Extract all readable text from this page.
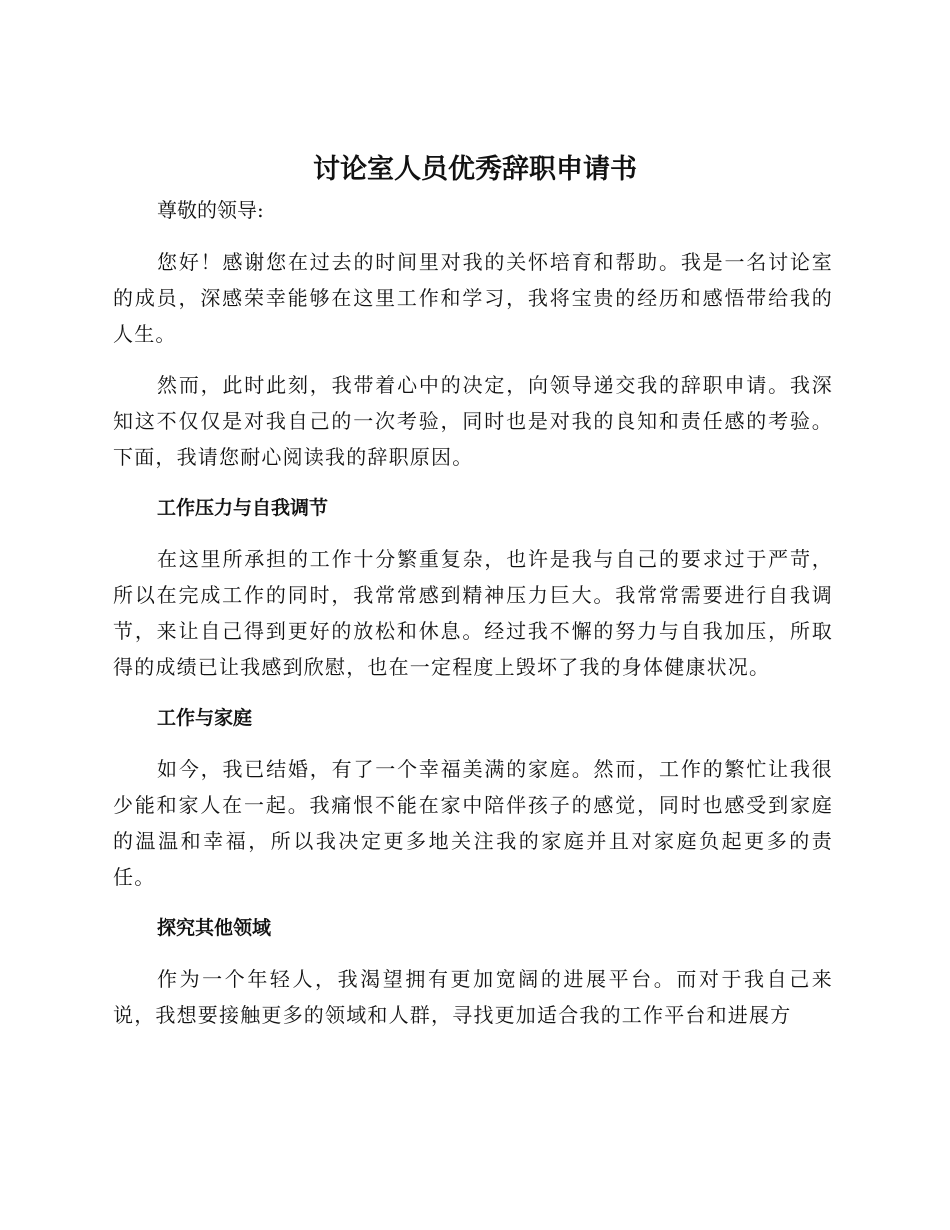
讨论室人员优秀辞职申请书

尊敬的领导:

您好！感谢您在过去的时间里对我的关怀培育和帮助。我是一名讨论室的成员，深感荣幸能够在这里工作和学习，我将宝贵的经历和感悟带给我的人生。

然而，此时此刻，我带着心中的决定，向领导递交我的辞职申请。我深知这不仅仅是对我自己的一次考验，同时也是对我的良知和责任感的考验。下面，我请您耐心阅读我的辞职原因。

工作压力与自我调节

在这里所承担的工作十分繁重复杂，也许是我与自己的要求过于严苛，所以在完成工作的同时，我常常感到精神压力巨大。我常常需要进行自我调节，来让自己得到更好的放松和休息。经过我不懈的努力与自我加压，所取得的成绩已让我感到欣慰，也在一定程度上毁坏了我的身体健康状况。

工作与家庭

如今，我已结婚，有了一个幸福美满的家庭。然而，工作的繁忙让我很少能和家人在一起。我痛恨不能在家中陪伴孩子的感觉，同时也感受到家庭的温温和幸福，所以我决定更多地关注我的家庭并且对家庭负起更多的责任。

探究其他领域

作为一个年轻人，我渴望拥有更加宽阔的进展平台。而对于我自己来说，我想要接触更多的领域和人群，寻找更加适合我的工作平台和进展方
